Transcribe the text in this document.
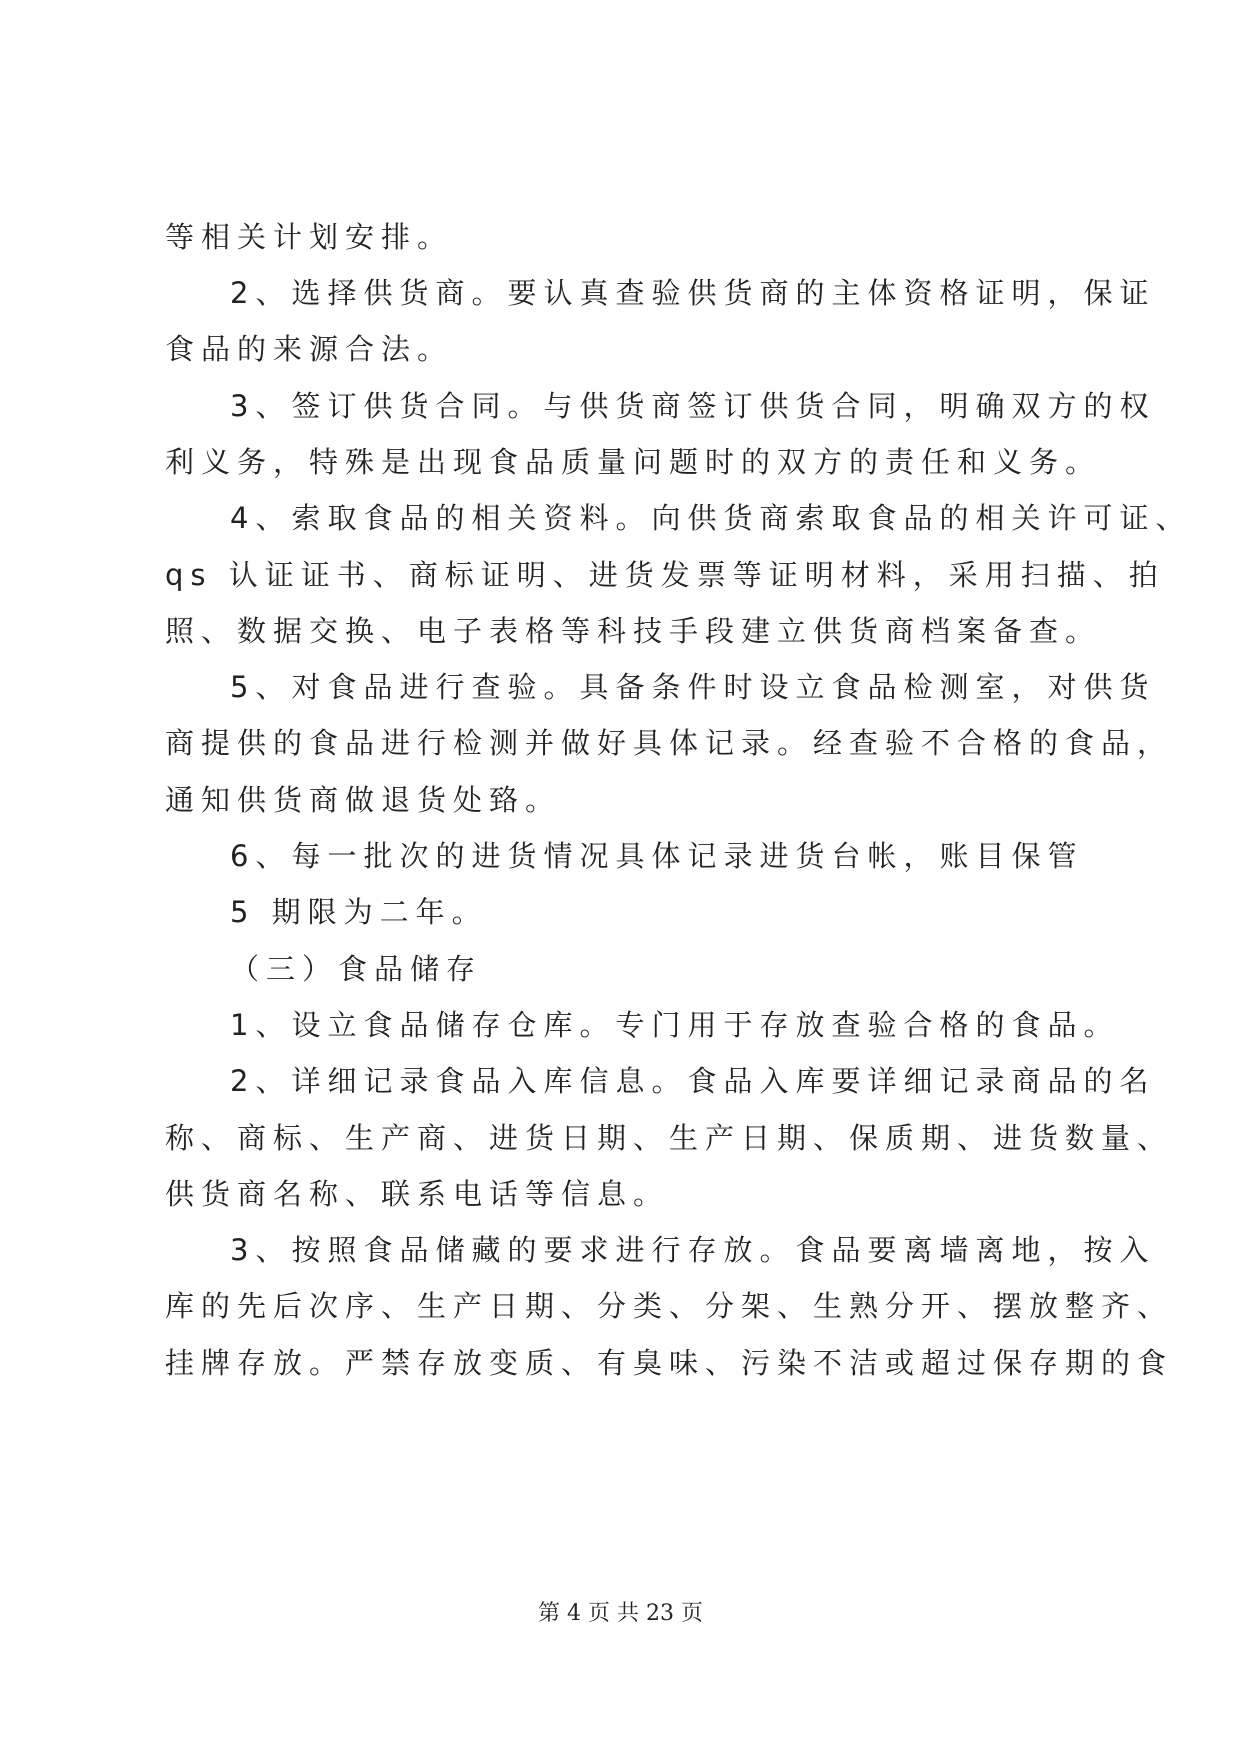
等相关计划安排。
2、选择供货商。要认真查验供货商的主体资格证明，保证
食品的来源合法。
3、签订供货合同。与供货商签订供货合同，明确双方的权
利义务，特殊是出现食品质量问题时的双方的责任和义务。
4、索取食品的相关资料。向供货商索取食品的相关许可证、
qs 认证证书、商标证明、进货发票等证明材料，采用扫描、拍
照、数据交换、电子表格等科技手段建立供货商档案备查。
5、对食品进行查验。具备条件时设立食品检测室，对供货
商提供的食品进行检测并做好具体记录。经查验不合格的食品，
通知供货商做退货处臵。
6、每一批次的进货情况具体记录进货台帐，账目保管
5 期限为二年。
（三）食品储存
1、设立食品储存仓库。专门用于存放查验合格的食品。
2、详细记录食品入库信息。食品入库要详细记录商品的名
称、商标、生产商、进货日期、生产日期、保质期、进货数量、
供货商名称、联系电话等信息。
3、按照食品储藏的要求进行存放。食品要离墙离地，按入
库的先后次序、生产日期、分类、分架、生熟分开、摆放整齐、
挂牌存放。严禁存放变质、有臭味、污染不洁或超过保存期的食
第 4 页 共 23 页
